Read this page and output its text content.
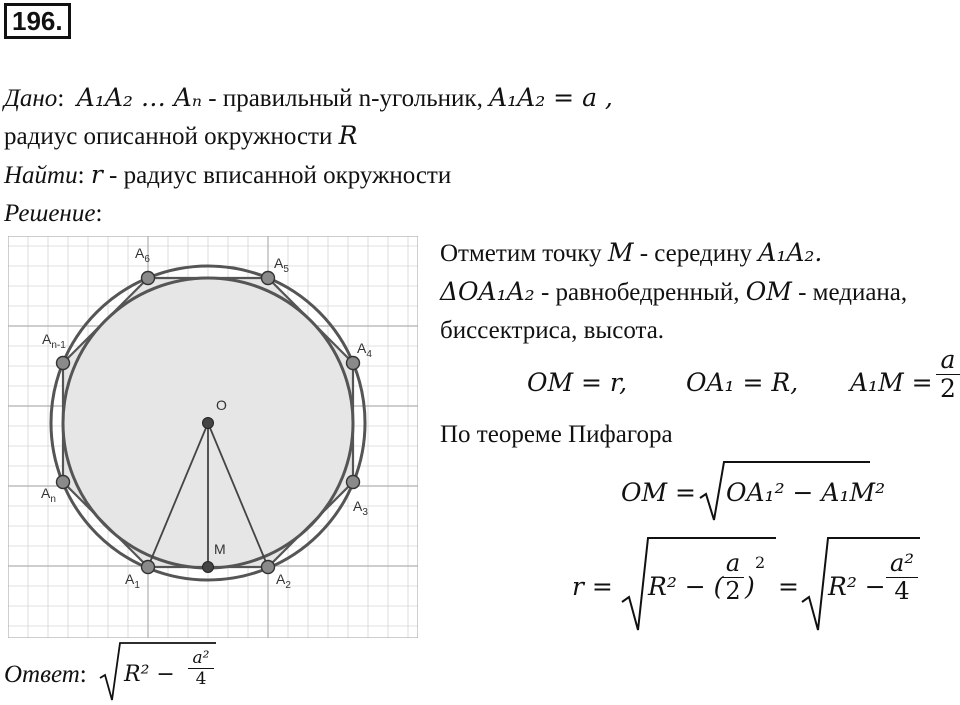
196.
Дано: A₁A₂ … Aₙ - правильный n-угольник, A₁A₂ = a ,
радиус описанной окружности R
Найти: r - радиус вписанной окружности
Решение:
O
M
$A_1$	$A_2$
$A_3$
$A_4$
$A_5$
$A_6$
$A_{n-1}$
$A_n$
Отметим точку M - середину A₁A₂.
ΔOA₁A₂ - равнобедренный, OM - медиана,
биссектриса, высота.
OM = r, OA₁ = R, $A_1M = \frac{a}{2}$
По теореме Пифагора
OM = OA₁² − A₁M²
r = R² − (
$\frac{a}{2}$ )
2
= $R^2 - \frac{\text{a²}}{4}$
Ответ: $R^2 - \frac{\text{a²}}{4}$
